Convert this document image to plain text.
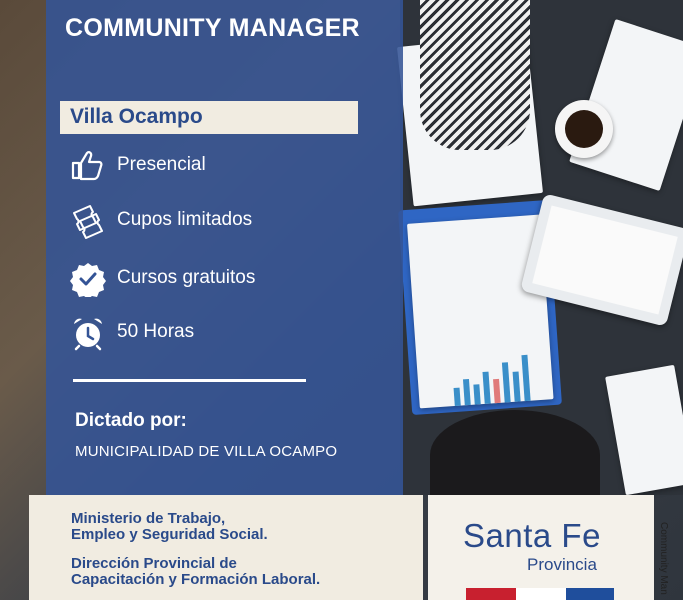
COMMUNITY MANAGER
Villa Ocampo
Presencial
Cupos limitados
Cursos gratuitos
50 Horas
Dictado por:
MUNICIPALIDAD DE VILLA OCAMPO
Ministerio de Trabajo,
Empleo y Seguridad Social.
Dirección Provincial de
Capacitación y Formación Laboral.
Santa Fe
Provincia	Community Man
